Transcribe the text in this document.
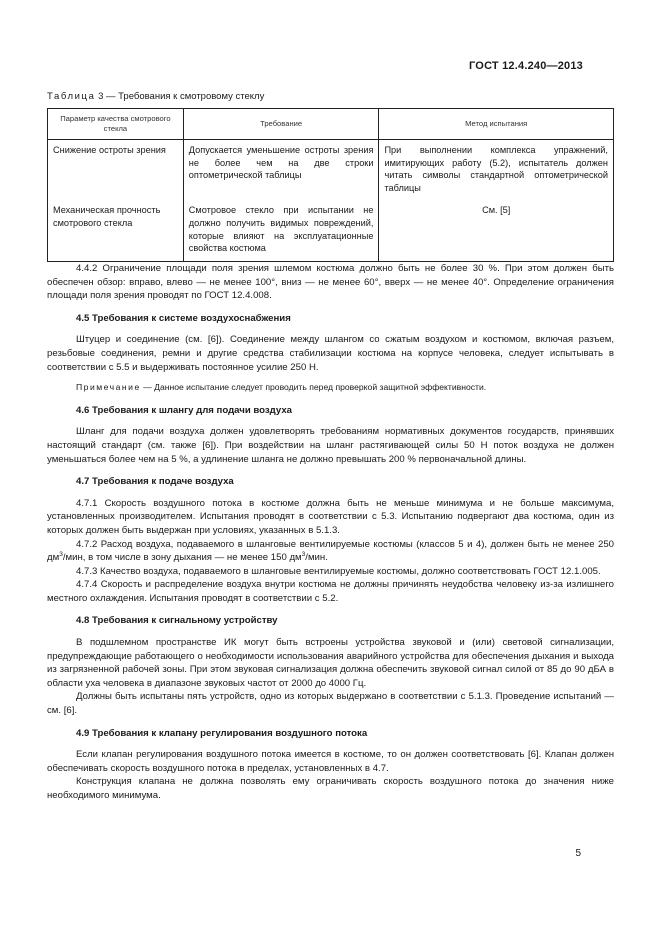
ГОСТ 12.4.240—2013
Таблица 3 — Требования к смотровому стеклу
Параметр качества смотрового стекла	Требование	Метод испытания
Снижение остроты зрения	Допускается уменьшение остроты зрения не более чем на две строки оптометрической таблицы	При выполнении комплекса упражнений, имитирующих работу (5.2), испытатель должен читать символы стандартной оптометрической таблицы
Механическая прочность смотрового стекла	Смотровое стекло при испытании не должно получить видимых повреждений, которые влияют на эксплуатационные свойства костюма	См. [5]

4.4.2 Ограничение площади поля зрения шлемом костюма должно быть не более 30 %. При этом должен быть обеспечен обзор: вправо, влево — не менее 100°, вниз — не менее 60°, вверх — не менее 40°. Определение ограничения площади поля зрения проводят по ГОСТ 12.4.008.

4.5 Требования к системе воздухоснабжения

Штуцер и соединение (см. [6]). Соединение между шлангом со сжатым воздухом и костюмом, включая разъем, резьбовые соединения, ремни и другие средства стабилизации костюма на корпусе человека, следует испытывать в соответствии с 5.5 и выдерживать постоянное усилие 250 Н.

Примечание — Данное испытание следует проводить перед проверкой защитной эффективности.

4.6 Требования к шлангу для подачи воздуха

Шланг для подачи воздуха должен удовлетворять требованиям нормативных документов государств, принявших настоящий стандарт (см. также [6]). При воздействии на шланг растягивающей силы 50 Н поток воздуха не должен уменьшаться более чем на 5 %, а удлинение шланга не должно превышать 200 % первоначальной длины.

4.7 Требования к подаче воздуха

4.7.1 Скорость воздушного потока в костюме должна быть не меньше минимума и не больше максимума, установленных производителем. Испытания проводят в соответствии с 5.3. Испытанию подвергают два костюма, один из которых должен быть выдержан при условиях, указанных в 5.1.3.

4.7.2 Расход воздуха, подаваемого в шланговые вентилируемые костюмы (классов 5 и 4), должен быть не менее 250 $дм^3$/мин, в том числе в зону дыхания — не менее 150 $дм^3$/мин.

4.7.3 Качество воздуха, подаваемого в шланговые вентилируемые костюмы, должно соответствовать ГОСТ 12.1.005.

4.7.4 Скорость и распределение воздуха внутри костюма не должны причинять неудобства человеку из-за излишнего местного охлаждения. Испытания проводят в соответствии с 5.2.

4.8 Требования к сигнальному устройству

В подшлемном пространстве ИК могут быть встроены устройства звуковой и (или) световой сигнализации, предупреждающие работающего о необходимости использования аварийного устройства для обеспечения дыхания и выхода из загрязненной рабочей зоны. При этом звуковая сигнализация должна обеспечить звуковой сигнал силой от 85 до 90 дБА в области уха человека в диапазоне звуковых частот от 2000 до 4000 Гц.

Должны быть испытаны пять устройств, одно из которых выдержано в соответствии с 5.1.3. Проведение испытаний — см. [6].

4.9 Требования к клапану регулирования воздушного потока

Если клапан регулирования воздушного потока имеется в костюме, то он должен соответствовать [6]. Клапан должен обеспечивать скорость воздушного потока в пределах, установленных в 4.7.

Конструкция клапана не должна позволять ему ограничивать скорость воздушного потока до значения ниже необходимого минимума.

5
